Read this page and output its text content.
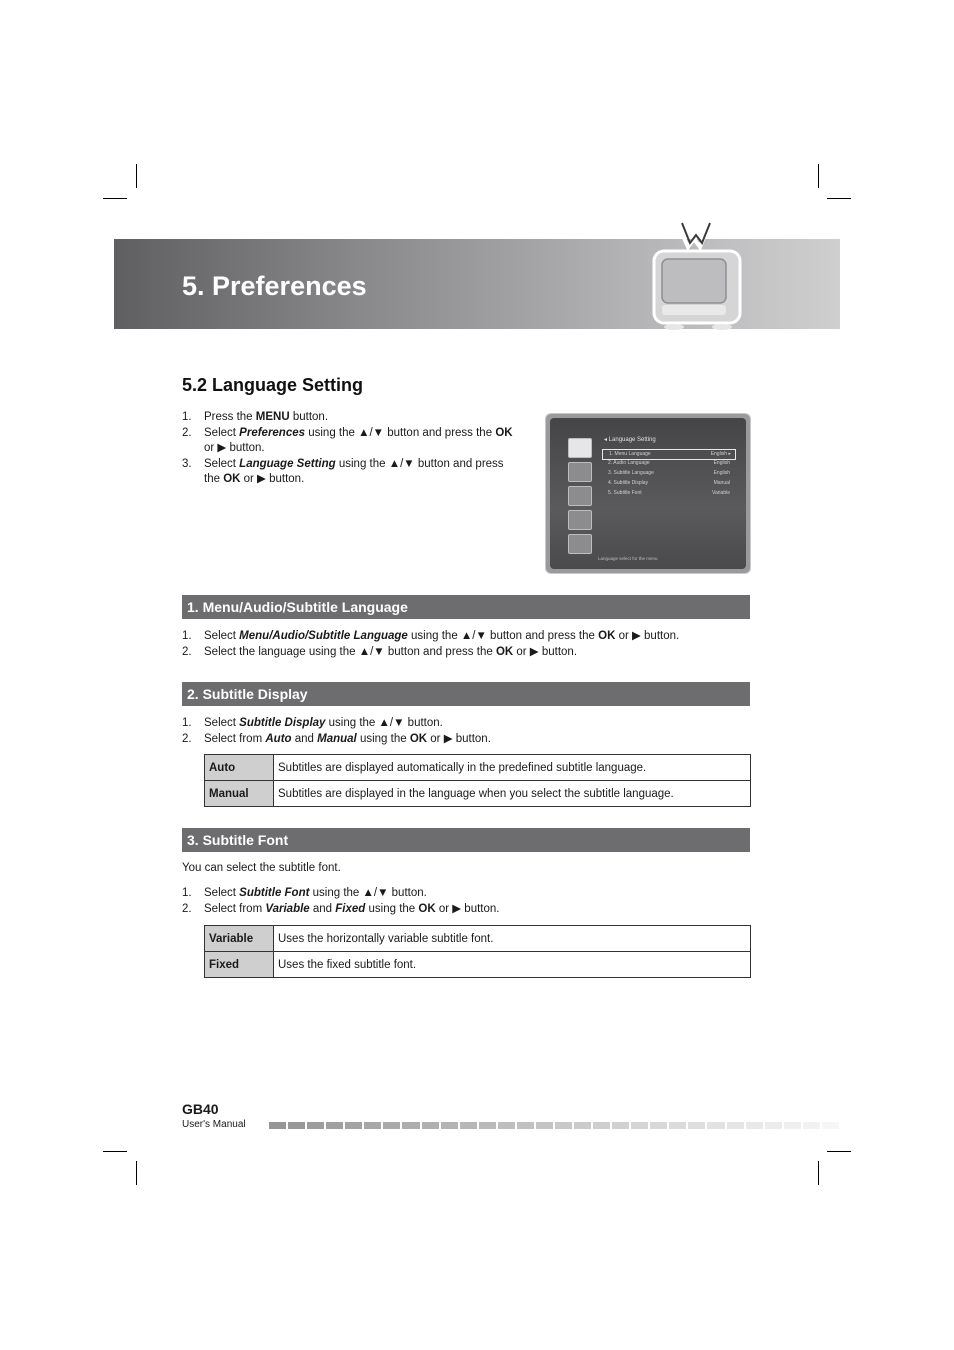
5. Preferences
5.2 Language Setting
1.	Press the MENU button.
2.	Select Preferences using the ▲/▼ button and press the OK or ▶ button.
3.	Select Language Setting using the ▲/▼ button and press the OK or ▶ button.
◂ Language Setting
1. Menu Language	English ▸
2. Audio Language	English
3. Subtitle Language	English
4. Subtitle Display	Manual
5. Subtitle Font	Variable
Language select for the menu
1. Menu/Audio/Subtitle Language
1.	Select Menu/Audio/Subtitle Language using the ▲/▼ button and press the OK or ▶ button.
2.	Select the language using the ▲/▼ button and press the OK or ▶ button.
2. Subtitle Display
1.	Select Subtitle Display using the ▲/▼ button.
2.	Select from Auto and Manual using the OK or ▶ button.
Auto	Subtitles are displayed automatically in the predefined subtitle language.
Manual	Subtitles are displayed in the language when you select the subtitle language.
3. Subtitle Font
You can select the subtitle font.
1.	Select Subtitle Font using the ▲/▼ button.
2.	Select from Variable and Fixed using the OK or ▶ button.
Variable	Uses the horizontally variable subtitle font.
Fixed	Uses the fixed subtitle font.
GB40
User's Manual
